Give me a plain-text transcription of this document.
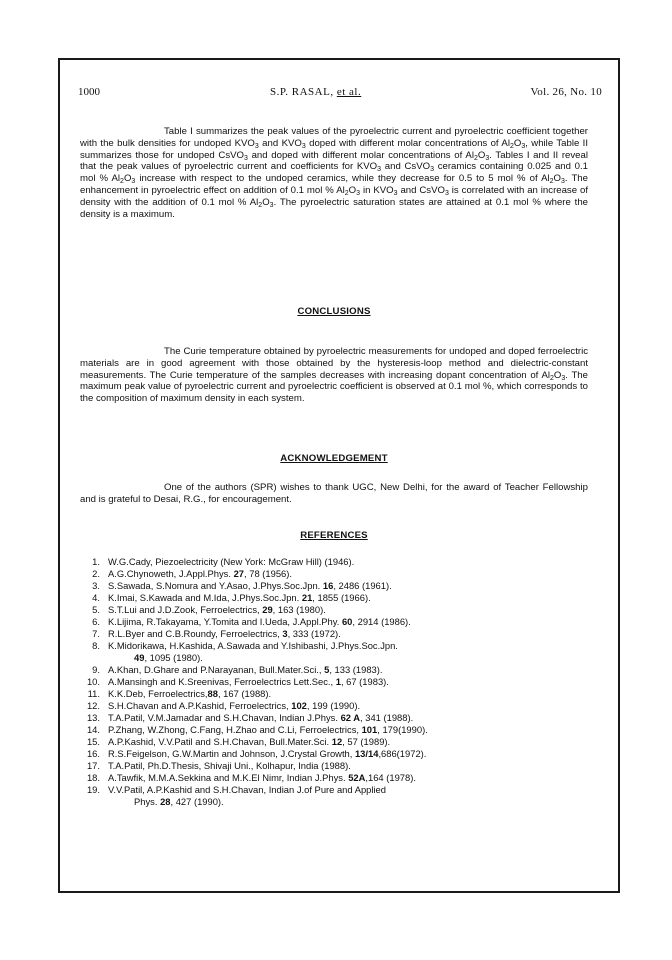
1000	S.P. RASAL, et al.	Vol. 26, No. 10

Table I summarizes the peak values of the pyroelectric current and pyroelectric coefficient together with the bulk densities for undoped $KVO_3$ and $KVO_3$ doped with different molar concentrations of $Al_2O_3$, while Table II summarizes those for undoped CsVO$_3$ and doped with different molar concentrations of $Al_2O_3$. Tables I and II reveal that the peak values of pyroelectric current and coefficients for $KVO_3$ and CsVO$_3$ ceramics containing 0.025 and 0.1 mol % $Al_2O_3$ increase with respect to the undoped ceramics, while they decrease for 0.5 to 5 mol % of $Al_2O_3$. The enhancement in pyroelectric effect on addition of 0.1 mol % $Al_2O_3$ in $KVO_3$ and CsVO$_3$ is correlated with an increase of density with the addition of 0.1 mol % $Al_2O_3$. The pyroelectric saturation states are attained at 0.1 mol % where the density is a maximum.

CONCLUSIONS

The Curie temperature obtained by pyroelectric measurements for undoped and doped ferroelectric materials are in good agreement with those obtained by the hysteresis-loop method and dielectric-constant measurements. The Curie temperature of the samples decreases with increasing dopant concentration of $Al_2O_3$. The maximum peak value of pyroelectric current and pyroelectric coefficient is observed at 0.1 mol %, which corresponds to the composition of maximum density in each system.

ACKNOWLEDGEMENT

One of the authors (SPR) wishes to thank UGC, New Delhi, for the award of Teacher Fellowship and is grateful to Desai, R.G., for encouragement.

REFERENCES
1. W.G.Cady, Piezoelectricity (New York: McGraw Hill) (1946).
2. A.G.Chynoweth, J.Appl.Phys. 27, 78 (1956).
3. S.Sawada, S.Nomura and Y.Asao, J.Phys.Soc.Jpn. 16, 2486 (1961).
4. K.Imai, S.Kawada and M.Ida, J.Phys.Soc.Jpn. 21, 1855 (1966).
5. S.T.Lui and J.D.Zook, Ferroelectrics, 29, 163 (1980).
6. K.Lijima, R.Takayama, Y.Tomita and I.Ueda, J.Appl.Phy. 60, 2914 (1986).
7. R.L.Byer and C.B.Roundy, Ferroelectrics, 3, 333 (1972).
8. K.Midorikawa, H.Kashida, A.Sawada and Y.Ishibashi, J.Phys.Soc.Jpn.
49, 1095 (1980).
9. A.Khan, D.Ghare and P.Narayanan, Bull.Mater.Sci., 5, 133 (1983).
10. A.Mansingh and K.Sreenivas, Ferroelectrics Lett.Sec., 1, 67 (1983).
11. K.K.Deb, Ferroelectrics,88, 167 (1988).
12. S.H.Chavan and A.P.Kashid, Ferroelectrics, 102, 199 (1990).
13. T.A.Patil, V.M.Jamadar and S.H.Chavan, Indian J.Phys. 62 A, 341 (1988).
14. P.Zhang, W.Zhong, C.Fang, H.Zhao and C.Li, Ferroelectrics, 101, 179(1990).
15. A.P.Kashid, V.V.Patil and S.H.Chavan, Bull.Mater.Sci. 12, 57 (1989).
16. R.S.Feigelson, G.W.Martin and Johnson, J.Crystal Growth, 13/14,686(1972).
17. T.A.Patil, Ph.D.Thesis, Shivaji Uni., Kolhapur, India (1988).
18. A.Tawfik, M.M.A.Sekkina and M.K.El Nimr, Indian J.Phys. 52A,164 (1978).
19. V.V.Patil, A.P.Kashid and S.H.Chavan, Indian J.of Pure and Applied
Phys. 28, 427 (1990).
